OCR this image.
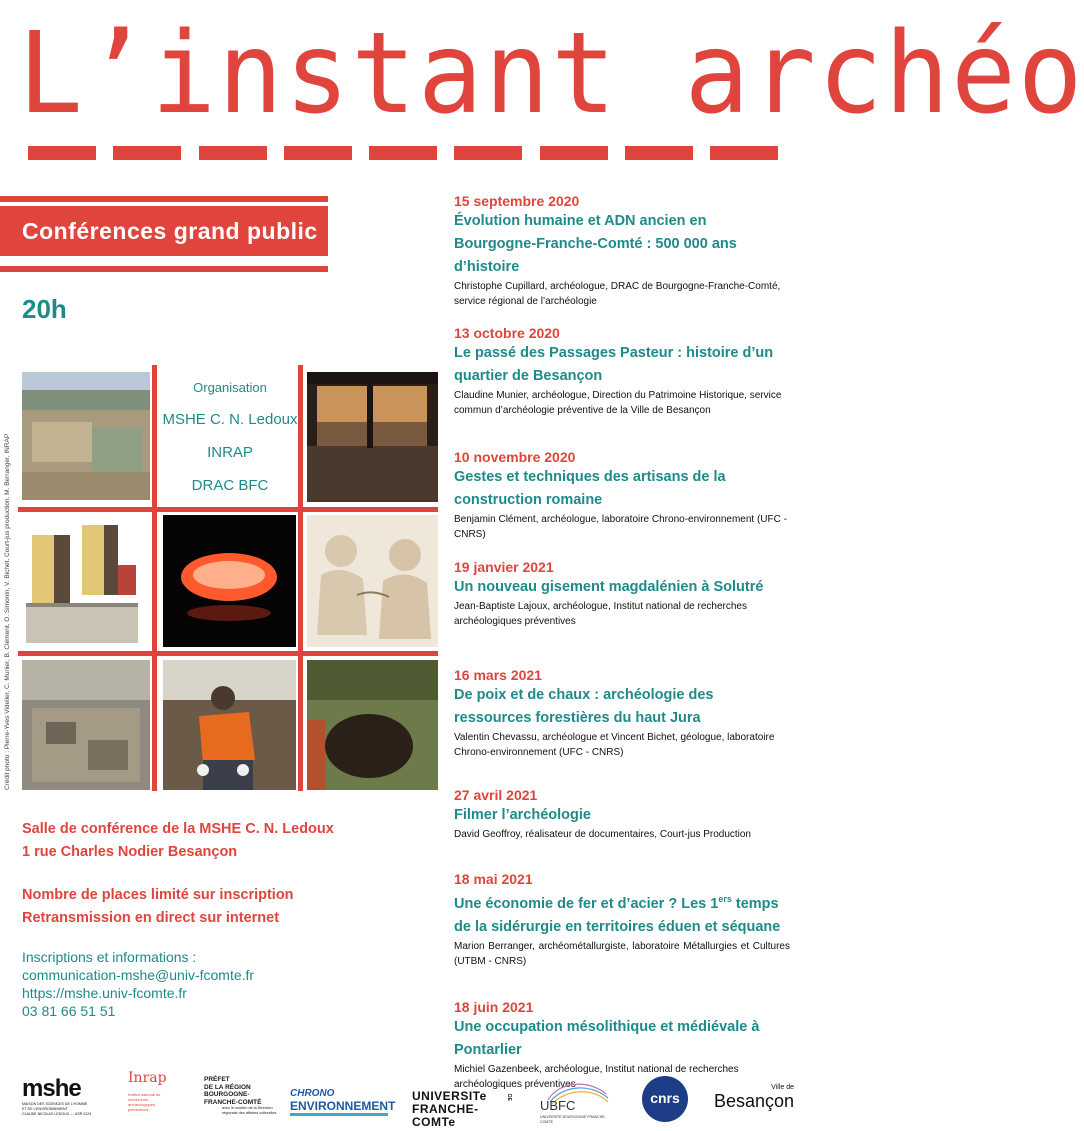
L’instant archéo
Conférences grand public
20h
Organisation
MSHE C. N. Ledoux
INRAP
DRAC BFC
Crédit photo : Pierre-Yves Videlier, C. Munier, B. Clément, O. Simonin, V. Bichet, Court-jus production, M. Berranger, INRAP
Salle de conférence de la MSHE C. N. Ledoux
1 rue Charles Nodier Besançon
Nombre de places limité sur inscription
Retransmission en direct sur internet
Inscriptions et informations :
communication-mshe@univ-fcomte.fr
https://mshe.univ-fcomte.fr
03 81 66 51 51
15 septembre 2020
Évolution humaine et ADN ancien en Bourgogne-Franche-Comté : 500 000 ans d’histoire
Christophe Cupillard, archéologue, DRAC de Bourgogne-Franche-Comté, service régional de l’archéologie
13 octobre 2020
Le passé des Passages Pasteur : histoire d’un quartier de Besançon
Claudine Munier, archéologue, Direction du Patrimoine Historique, service commun d’archéologie préventive de la Ville de Besançon
10 novembre 2020
Gestes et techniques des artisans de la construction romaine
Benjamin Clément, archéologue, laboratoire Chrono-environnement (UFC - CNRS)
19 janvier 2021
Un nouveau gisement magdalénien à Solutré
Jean-Baptiste Lajoux, archéologue, Institut national de recherches archéologiques préventives
16 mars 2021
De poix et de chaux : archéologie des ressources forestières du haut Jura
Valentin Chevassu, archéologue et Vincent Bichet, géologue, laboratoire Chrono-environnement (UFC - CNRS)
27 avril 2021
Filmer l’archéologie
David Geoffroy, réalisateur de documentaires, Court-jus Production
18 mai 2021
Une économie de fer et d’acier ? Les 1ers temps de la sidérurgie en territoires éduen et séquane
Marion Berranger, archéométallurgiste, laboratoire Métallurgies et Cultures (UTBM - CNRS)
18 juin 2021
Une occupation mésolithique et médiévale à Pontarlier
Michiel Gazenbeek, archéologue, Institut national de recherches archéologiques préventives
mshe
MAISON DES SCIENCES DE L’HOMME
ET DE L’ENVIRONNEMENT
CLAUDE NICOLAS LEDOUX — USR 3124
Inrap
Institut national de recherches archéologiques préventives
PRÉFET
DE LA RÉGION
BOURGOGNE-
FRANCHE-COMTÉ
avec le soutien de la Direction régionale des affaires culturelles
CHRONO
ENVIRONNEMENT
UNIVERSITe
FRANCHE-COMTe
DE
UBFC
UNIVERSITÉ BOURGOGNE FRANCHE-COMTÉ
cnrs
Ville de
Besançon
